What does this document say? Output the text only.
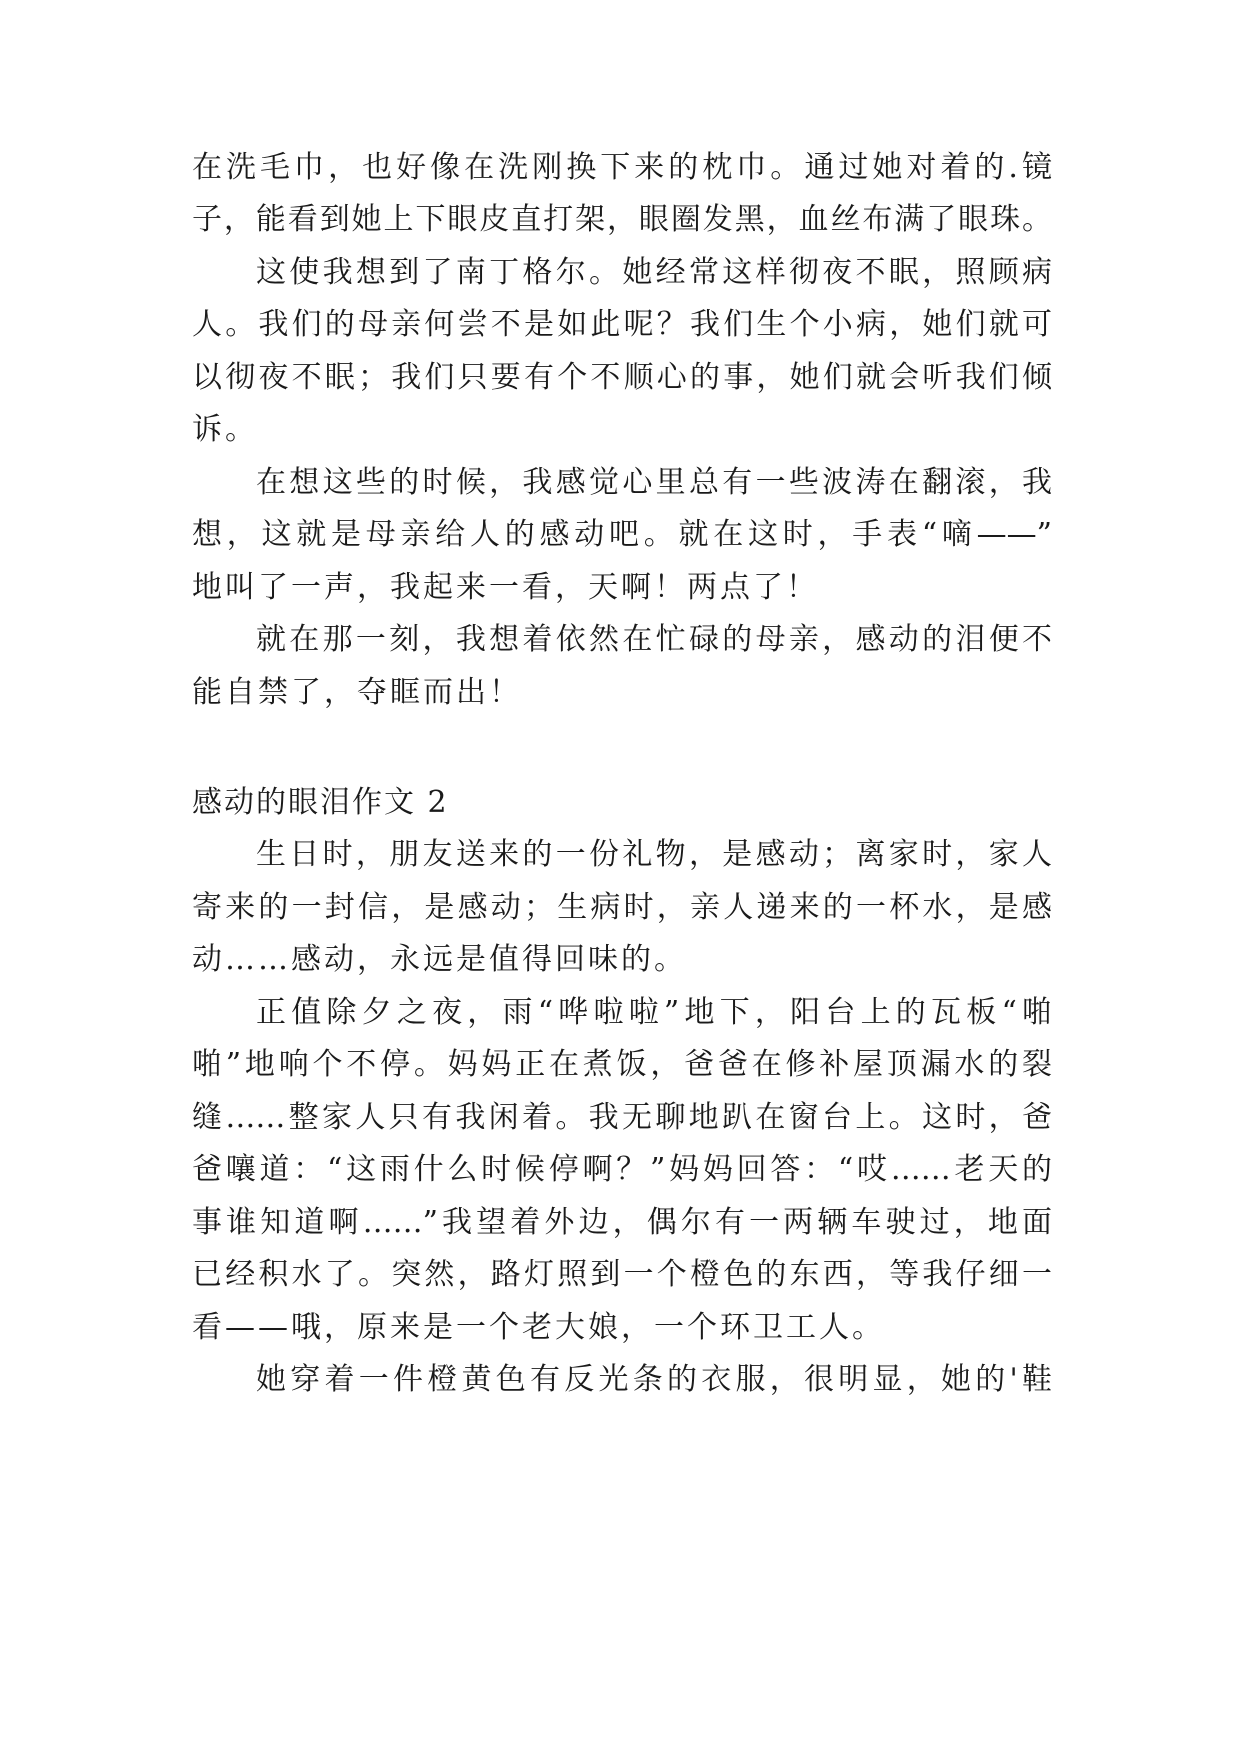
在洗毛巾，也好像在洗刚换下来的枕巾。通过她对着的.镜
子，能看到她上下眼皮直打架，眼圈发黑，血丝布满了眼珠。
这使我想到了南丁格尔。她经常这样彻夜不眠，照顾病
人。我们的母亲何尝不是如此呢？我们生个小病，她们就可
以彻夜不眠；我们只要有个不顺心的事，她们就会听我们倾
诉。
在想这些的时候，我感觉心里总有一些波涛在翻滚，我
想，这就是母亲给人的感动吧。就在这时，手表“嘀——”
地叫了一声，我起来一看，天啊！两点了！
就在那一刻，我想着依然在忙碌的母亲，感动的泪便不
能自禁了，夺眶而出！
感动的眼泪作文 2
生日时，朋友送来的一份礼物，是感动；离家时，家人
寄来的一封信，是感动；生病时，亲人递来的一杯水，是感
动……感动，永远是值得回味的。
正值除夕之夜，雨“哗啦啦”地下，阳台上的瓦板“啪
啪”地响个不停。妈妈正在煮饭，爸爸在修补屋顶漏水的裂
缝……整家人只有我闲着。我无聊地趴在窗台上。这时，爸
爸嚷道：“这雨什么时候停啊？”妈妈回答：“哎……老天的
事谁知道啊……”我望着外边，偶尔有一两辆车驶过，地面
已经积水了。突然，路灯照到一个橙色的东西，等我仔细一
看——哦，原来是一个老大娘，一个环卫工人。
她穿着一件橙黄色有反光条的衣服，很明显，她的'鞋
